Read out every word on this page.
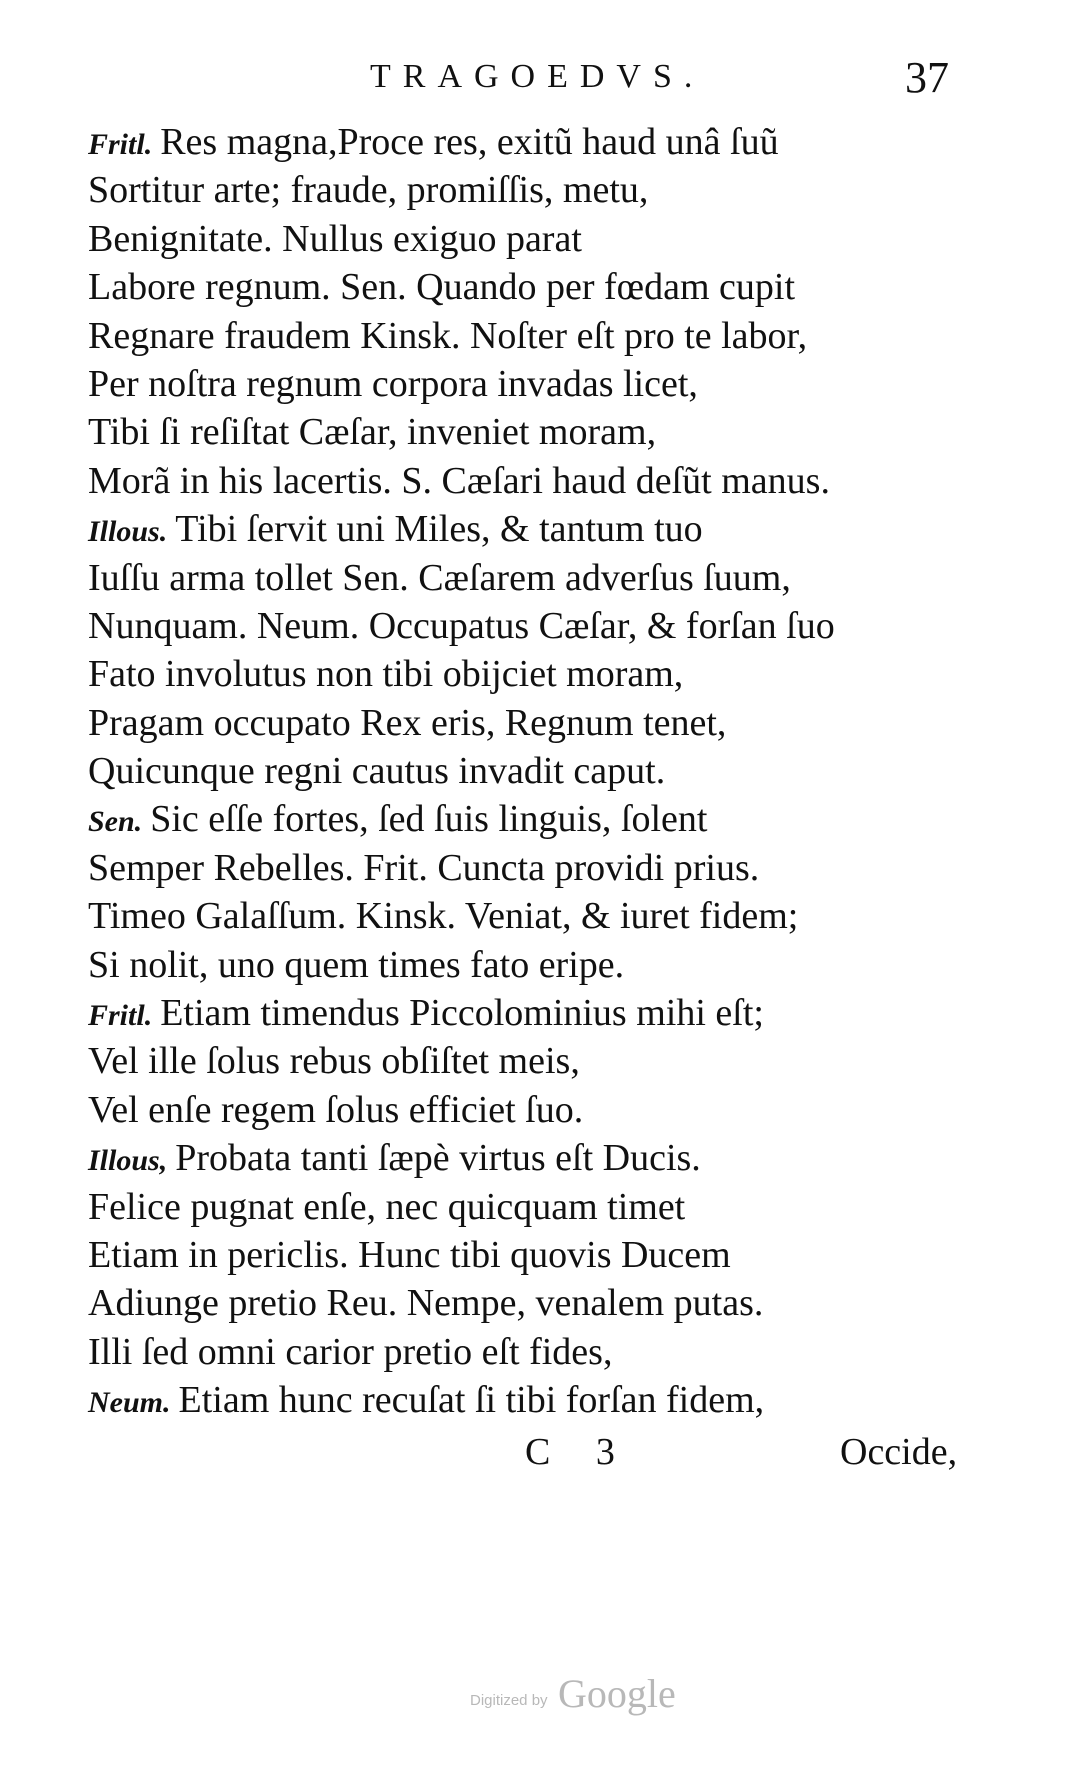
TRAGOEDVS.	37
Fritl. Res magna,Proce res, exitũ haud unâ ſuũ
Sortitur arte; fraude, promiſſis, metu,
Benignitate. Nullus exiguo parat
Labore regnum. Sen. Quando per fœdam cupit
Regnare fraudem Kinsk. Noſter eſt pro te labor,
Per noſtra regnum corpora invadas licet,
Tibi ſi reſiſtat Cæſar, inveniet moram,
Morã in his lacertis. S. Cæſari haud deſũt manus.
Illous. Tibi ſervit uni Miles, & tantum tuo
Iuſſu arma tollet Sen. Cæſarem adverſus ſuum,
Nunquam. Neum. Occupatus Cæſar, & forſan ſuo
Fato involutus non tibi obijciet moram,
Pragam occupato Rex eris, Regnum tenet,
Quicunque regni cautus invadit caput.
Sen. Sic eſſe fortes, ſed ſuis linguis, ſolent
Semper Rebelles. Frit. Cuncta providi prius.
Timeo Galaſſum. Kinsk. Veniat, & iuret fidem;
Si nolit, uno quem times fato eripe.
Fritl. Etiam timendus Piccolominius mihi eſt;
Vel ille ſolus rebus obſiſtet meis,
Vel enſe regem ſolus efficiet ſuo.
Illous, Probata tanti ſæpè virtus eſt Ducis.
Felice pugnat enſe, nec quicquam timet
Etiam in periclis. Hunc tibi quovis Ducem
Adiunge pretio Reu. Nempe, venalem putas.
Illi ſed omni carior pretio eſt fides,
Neum. Etiam hunc recuſat ſi tibi forſan fidem,
C 3	Occide,
Digitized by Google
